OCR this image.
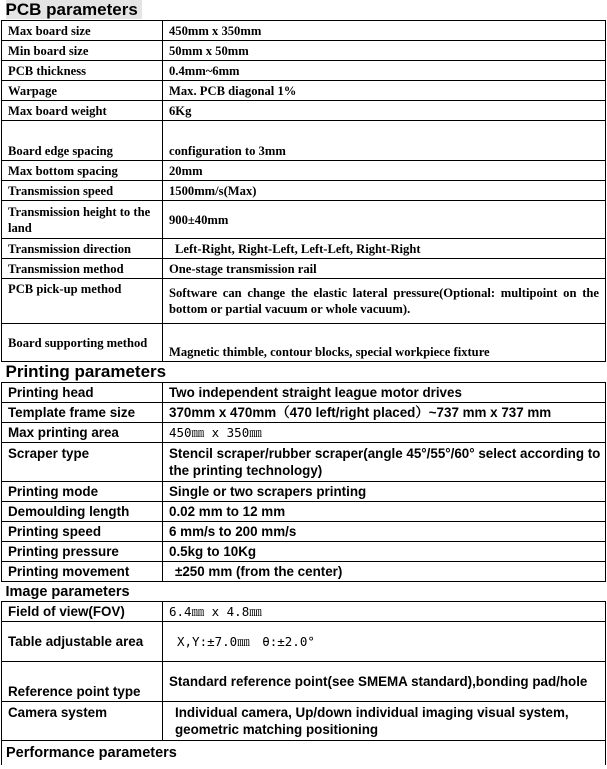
PCB parameters	
Max board size	450mm x 350mm
Min board size	50mm x 50mm
PCB thickness	0.4mm~6mm
Warpage	Max. PCB diagonal 1%
Max board weight	6Kg
Board edge spacing	configuration to 3mm
Max bottom spacing	20mm
Transmission speed	1500mm/s(Max)
Transmission height to the land	900±40mm
Transmission direction	Left-Right, Right-Left, Left-Left, Right-Right
Transmission method	One-stage transmission rail
PCB pick-up method	Software can change the elastic lateral pressure(Optional: multipoint on the bottom or partial vacuum or whole vacuum).
Board supporting method	Magnetic thimble, contour blocks, special workpiece fixture
Printing parameters	
Printing head	Two independent straight league motor drives
Template frame size	370mm x 470mm（470 left/right placed）~737 mm x 737 mm
Max printing area	450㎜ x 350㎜
Scraper type	Stencil scraper/rubber scraper(angle 45°/55°/60° select according to the printing technology)
Printing mode	Single or two scrapers printing
Demoulding length	0.02 mm to 12 mm
Printing speed	6 mm/s to 200 mm/s
Printing pressure	0.5kg to 10Kg
Printing movement	±250 mm (from the center)
Image parameters	
Field of view(FOV)	6.4㎜ x 4.8㎜
Table adjustable area	X,Y:±7.0㎜　θ:±2.0°
Reference point type	Standard reference point(see SMEMA standard),bonding pad/hole
Camera system	Individual camera, Up/down individual imaging visual system, geometric matching positioning
Performance parameters	
